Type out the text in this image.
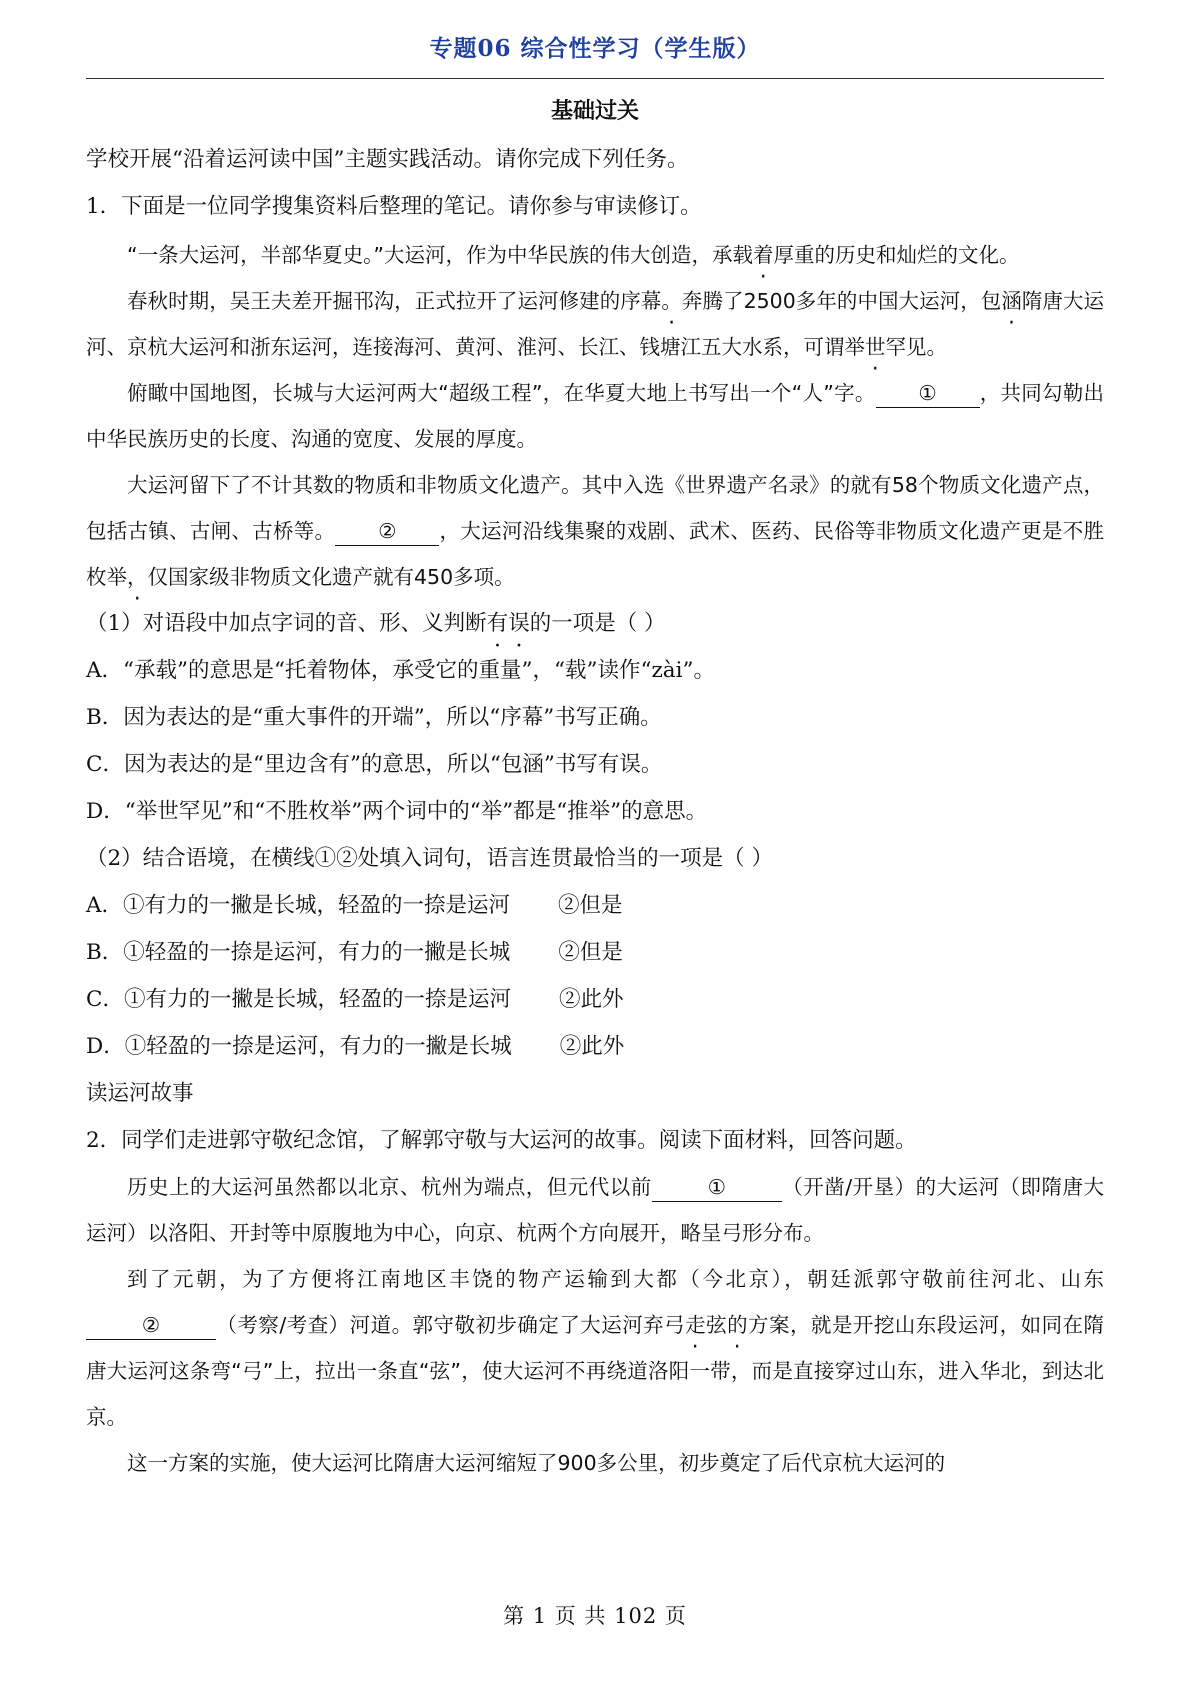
专题06 综合性学习（学生版）
基础过关
学校开展“沿着运河读中国”主题实践活动。请你完成下列任务。
1．下面是一位同学搜集资料后整理的笔记。请你参与审读修订。

“一条大运河，半部华夏史。”大运河，作为中华民族的伟大创造，承载着厚重的历史和灿烂的文化。

春秋时期，吴王夫差开掘邗沟，正式拉开了运河修建的序幕。奔腾了2500多年的中国大运河，包涵隋唐大运河、京杭大运河和浙东运河，连接海河、黄河、淮河、长江、钱塘江五大水系，可谓举世罕见。

俯瞰中国地图，长城与大运河两大“超级工程”，在华夏大地上书写出一个“人”字。 ① ，共同勾勒出中华民族历史的长度、沟通的宽度、发展的厚度。

大运河留下了不计其数的物质和非物质文化遗产。其中入选《世界遗产名录》的就有58个物质文化遗产点，包括古镇、古闸、古桥等。 ② ，大运河沿线集聚的戏剧、武术、医药、民俗等非物质文化遗产更是不胜枚举，仅国家级非物质文化遗产就有450多项。

（1）对语段中加点字词的音、形、义判断有误的一项是（ ）
A．“承载”的意思是“托着物体，承受它的重量”，“载”读作“zài”。
B．因为表达的是“重大事件的开端”，所以“序幕”书写正确。
C．因为表达的是“里边含有”的意思，所以“包涵”书写有误。
D．“举世罕见”和“不胜枚举”两个词中的“举”都是“推举”的意思。
（2）结合语境，在横线①②处填入词句，语言连贯最恰当的一项是（ ）
A．①有力的一撇是长城，轻盈的一捺是运河 ②但是
B．①轻盈的一捺是运河，有力的一撇是长城 ②但是
C．①有力的一撇是长城，轻盈的一捺是运河 ②此外
D．①轻盈的一捺是运河，有力的一撇是长城 ②此外
读运河故事
2．同学们走进郭守敬纪念馆，了解郭守敬与大运河的故事。阅读下面材料，回答问题。

历史上的大运河虽然都以北京、杭州为端点，但元代以前	①	（开凿/开垦）的大运河（即隋唐大运河）以洛阳、开封等中原腹地为中心，向京、杭两个方向展开，略呈弓形分布。

到了元朝，为了方便将江南地区丰饶的物产运输到大都（今北京），朝廷派郭守敬前往河北、山东②	（考察/考查）河道。郭守敬初步确定了大运河弃弓走弦的方案，就是开挖山东段运河，如同在隋唐大运河这条弯“弓”上，拉出一条直“弦”，使大运河不再绕道洛阳一带，而是直接穿过山东，进入华北，到达北京。

这一方案的实施，使大运河比隋唐大运河缩短了900多公里，初步奠定了后代京杭大运河的

第 1 页 共 102 页
